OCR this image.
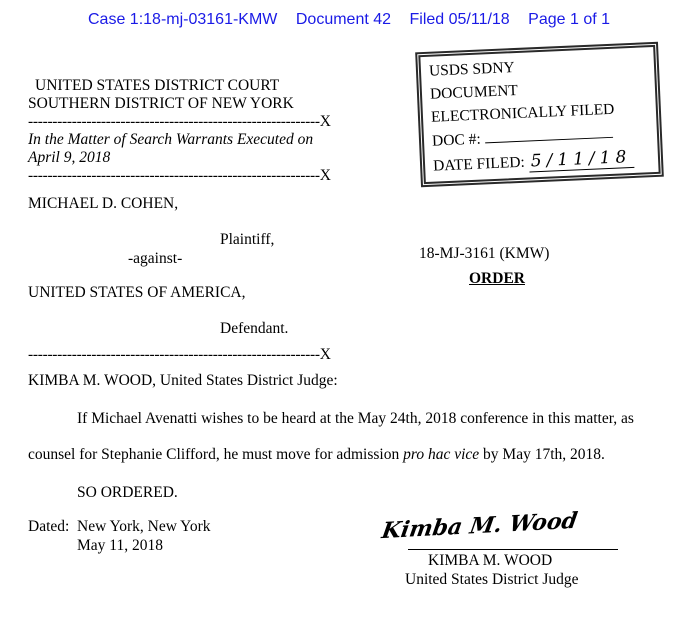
Case 1:18-mj-03161-KMW Document 42 Filed 05/11/18 Page 1 of 1
UNITED STATES DISTRICT COURT
SOUTHERN DISTRICT OF NEW YORK
------------------------------------------------------------X
In the Matter of Search Warrants Executed on
April 9, 2018
------------------------------------------------------------X
MICHAEL D. COHEN,
Plaintiff,
-against-
UNITED STATES OF AMERICA,
Defendant.
------------------------------------------------------------X
18-MJ-3161 (KMW)
ORDER
USDS SDNY
DOCUMENT
ELECTRONICALLY FILED
DOC #:
DATE FILED: 5/11/18
KIMBA M. WOOD, United States District Judge:
If Michael Avenatti wishes to be heard at the May 24th, 2018 conference in this matter, as
counsel for Stephanie Clifford, he must move for admission pro hac vice by May 17th, 2018.
SO ORDERED.
Dated: New York, New York
May 11, 2018
Kimba M. Wood
KIMBA M. WOOD
United States District Judge
